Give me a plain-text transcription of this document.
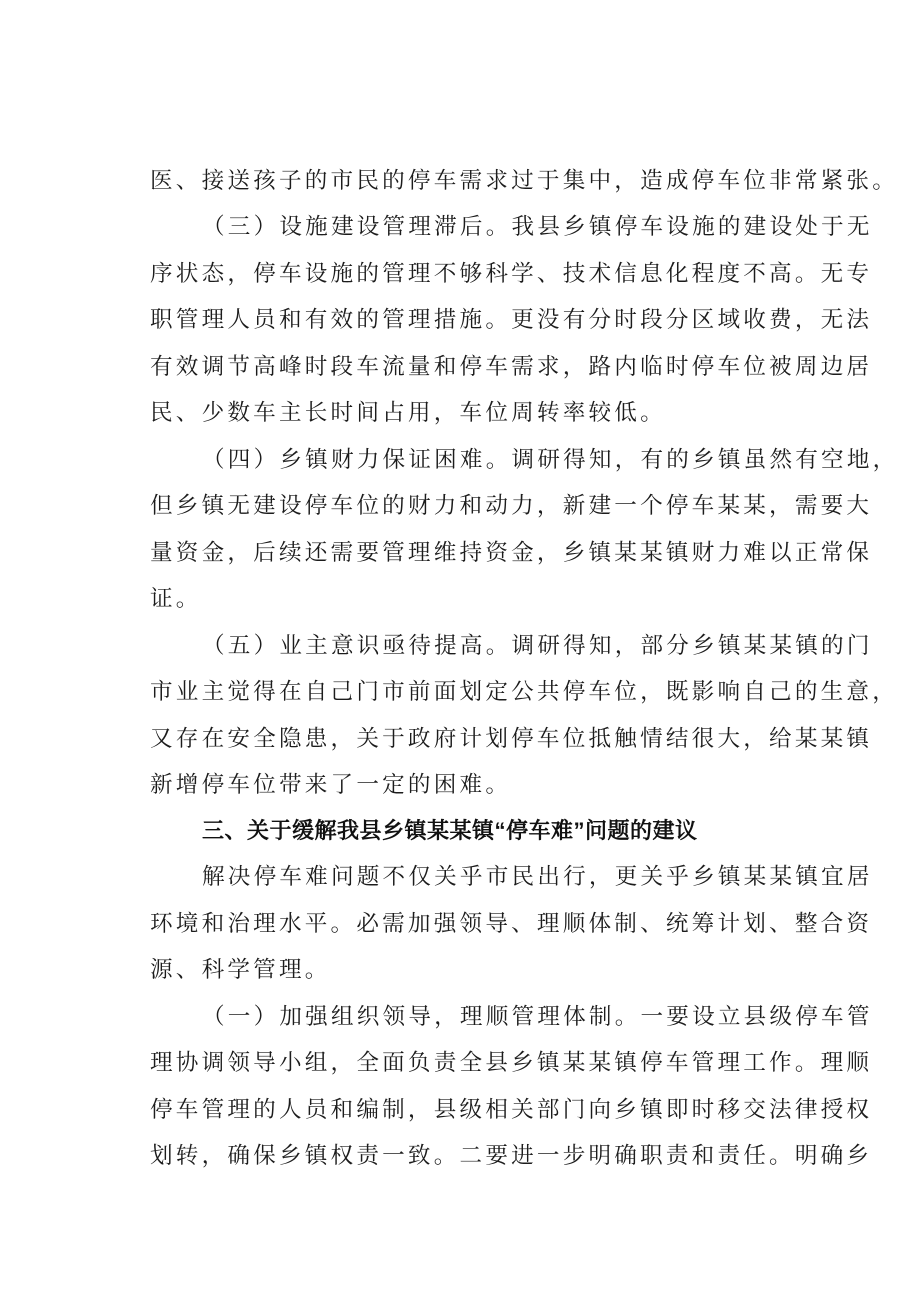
医、接送孩子的市民的停车需求过于集中，造成停车位非常紧张。
（三）设施建设管理滞后。我县乡镇停车设施的建设处于无
序状态，停车设施的管理不够科学、技术信息化程度不高。无专
职管理人员和有效的管理措施。更没有分时段分区域收费，无法
有效调节高峰时段车流量和停车需求，路内临时停车位被周边居
民、少数车主长时间占用，车位周转率较低。
（四）乡镇财力保证困难。调研得知，有的乡镇虽然有空地，
但乡镇无建设停车位的财力和动力，新建一个停车某某，需要大
量资金，后续还需要管理维持资金，乡镇某某镇财力难以正常保
证。
（五）业主意识亟待提高。调研得知，部分乡镇某某镇的门
市业主觉得在自己门市前面划定公共停车位，既影响自己的生意，
又存在安全隐患，关于政府计划停车位抵触情结很大，给某某镇
新增停车位带来了一定的困难。
三、关于缓解我县乡镇某某镇“停车难”问题的建议
解决停车难问题不仅关乎市民出行，更关乎乡镇某某镇宜居
环境和治理水平。必需加强领导、理顺体制、统筹计划、整合资
源、科学管理。
（一）加强组织领导，理顺管理体制。一要设立县级停车管
理协调领导小组，全面负责全县乡镇某某镇停车管理工作。理顺
停车管理的人员和编制，县级相关部门向乡镇即时移交法律授权
划转，确保乡镇权责一致。二要进一步明确职责和责任。明确乡
